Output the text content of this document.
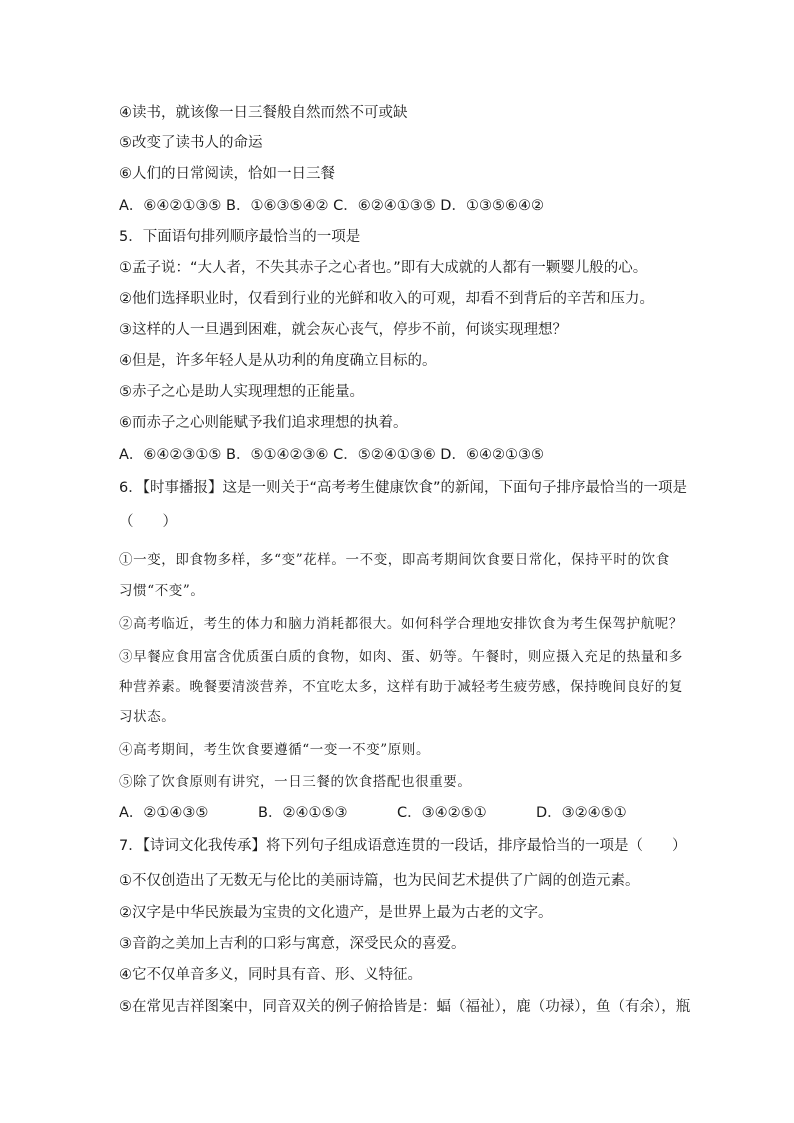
④读书，就该像一日三餐般自然而然不可或缺
⑤改变了读书人的命运
⑥人们的日常阅读，恰如一日三餐
A．⑥④②①③⑤ B．①⑥③⑤④② C．⑥②④①③⑤ D．①③⑤⑥④②
5．下面语句排列顺序最恰当的一项是
①孟子说：“大人者，不失其赤子之心者也。”即有大成就的人都有一颗婴儿般的心。
②他们选择职业时，仅看到行业的光鲜和收入的可观，却看不到背后的辛苦和压力。
③这样的人一旦遇到困难，就会灰心丧气，停步不前，何谈实现理想？
④但是，许多年轻人是从功利的角度确立目标的。
⑤赤子之心是助人实现理想的正能量。
⑥而赤子之心则能赋予我们追求理想的执着。
A．⑥④②③①⑤ B．⑤①④②③⑥ C．⑤②④①③⑥ D．⑥④②①③⑤
6．【时事播报】这是一则关于“高考考生健康饮食”的新闻，下面句子排序最恰当的一项是
（　　）
①一变，即食物多样，多“变”花样。一不变，即高考期间饮食要日常化，保持平时的饮食
习惯“不变”。
②高考临近，考生的体力和脑力消耗都很大。如何科学合理地安排饮食为考生保驾护航呢？
③早餐应食用富含优质蛋白质的食物，如肉、蛋、奶等。午餐时，则应摄入充足的热量和多
种营养素。晚餐要清淡营养，不宜吃太多，这样有助于减轻考生疲劳感，保持晚间良好的复
习状态。
④高考期间，考生饮食要遵循“一变一不变”原则。
⑤除了饮食原则有讲究，一日三餐的饮食搭配也很重要。
A．②①④③⑤	B．②④①⑤③	C．③④②⑤①	D．③②④⑤①
7．【诗词文化我传承】将下列句子组成语意连贯的一段话，排序最恰当的一项是（　　）
①不仅创造出了无数无与伦比的美丽诗篇，也为民间艺术提供了广阔的创造元素。
②汉字是中华民族最为宝贵的文化遗产，是世界上最为古老的文字。
③音韵之美加上吉利的口彩与寓意，深受民众的喜爱。
④它不仅单音多义，同时具有音、形、义特征。
⑤在常见吉祥图案中，同音双关的例子俯拾皆是：蝠（福祉），鹿（功禄），鱼（有余），瓶
